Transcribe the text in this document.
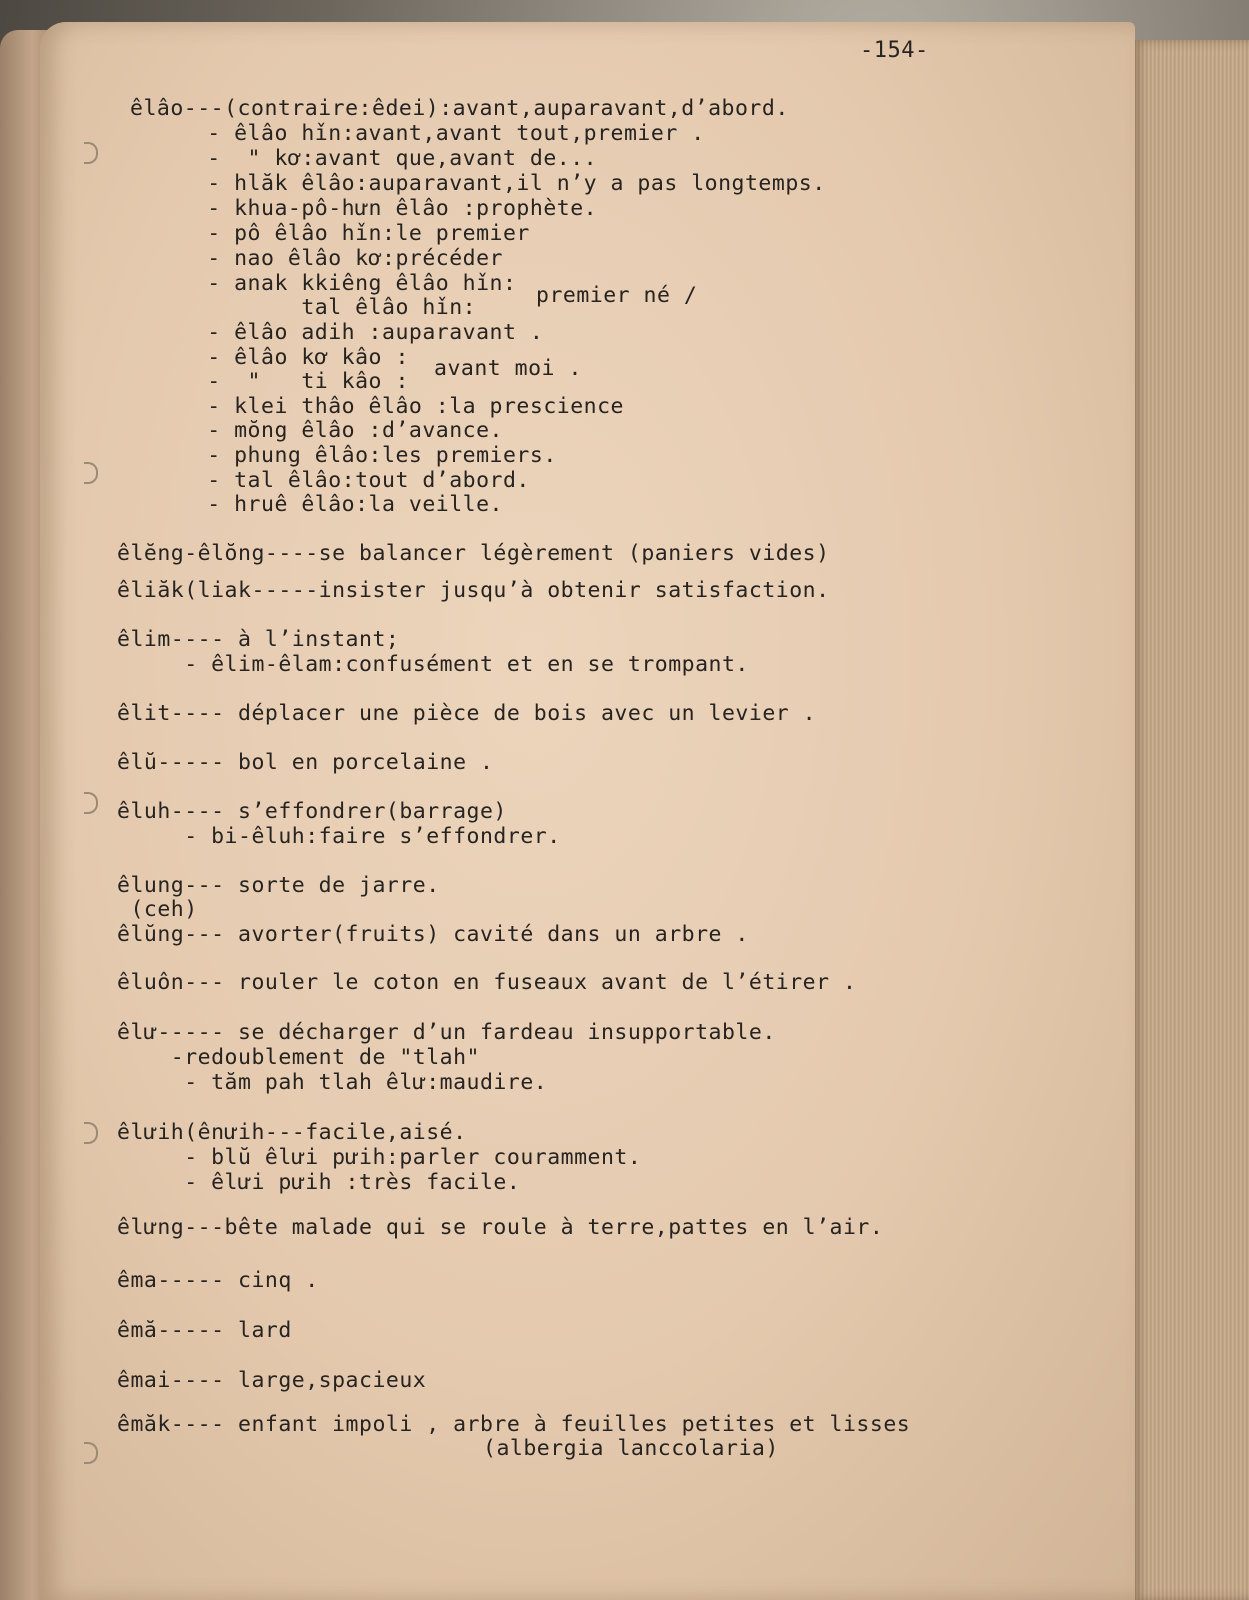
-154-
êlâo---(contraire:êdei):avant,auparavant,d’abord.
- êlâo hǐn:avant,avant tout,premier .
-  " kơ:avant que,avant de...
- hlăk êlâo:auparavant,il n’y a pas longtemps.
- khua-pô-hưn êlâo :prophète.
- pô êlâo hǐn:le premier
- nao êlâo kơ:précéder
- anak kkiêng êlâo hǐn:
tal êlâo hǐn:	premier né /
- êlâo adih :auparavant .
- êlâo kơ kâo :
-  "   ti kâo :
avant moi .
- klei thâo êlâo :la prescience
- mŏng êlâo :d’avance.
- phung êlâo:les premiers.
- tal êlâo:tout d’abord.
- hruê êlâo:la veille.
êlĕng-êlŏng----se balancer légèrement (paniers vides)
êliăk(liak-----insister jusqu’à obtenir satisfaction.
êlim---- à l’instant;
- êlim-êlam:confusément et en se trompant.
êlit---- déplacer une pièce de bois avec un levier .
êlŭ----- bol en porcelaine .
êluh---- s’effondrer(barrage)
- bi-êluh:faire s’effondrer.
êlung--- sorte de jarre.
(ceh)
êlŭng--- avorter(fruits) cavité dans un arbre .
êluôn--- rouler le coton en fuseaux avant de l’étirer .
êlư----- se décharger d’un fardeau insupportable.
-redoublement de "tlah"
- tăm pah tlah êlư:maudire.
êlưih(ênưih---facile,aisé.
- blŭ êlưi pưih:parler couramment.
- êlưi pưih :très facile.
êlưng---bête malade qui se roule à terre,pattes en l’air.
êma----- cinq .
êmă----- lard
êmai---- large,spacieux
êmăk---- enfant impoli , arbre à feuilles petites et lisses
(albergia lanccolaria)
